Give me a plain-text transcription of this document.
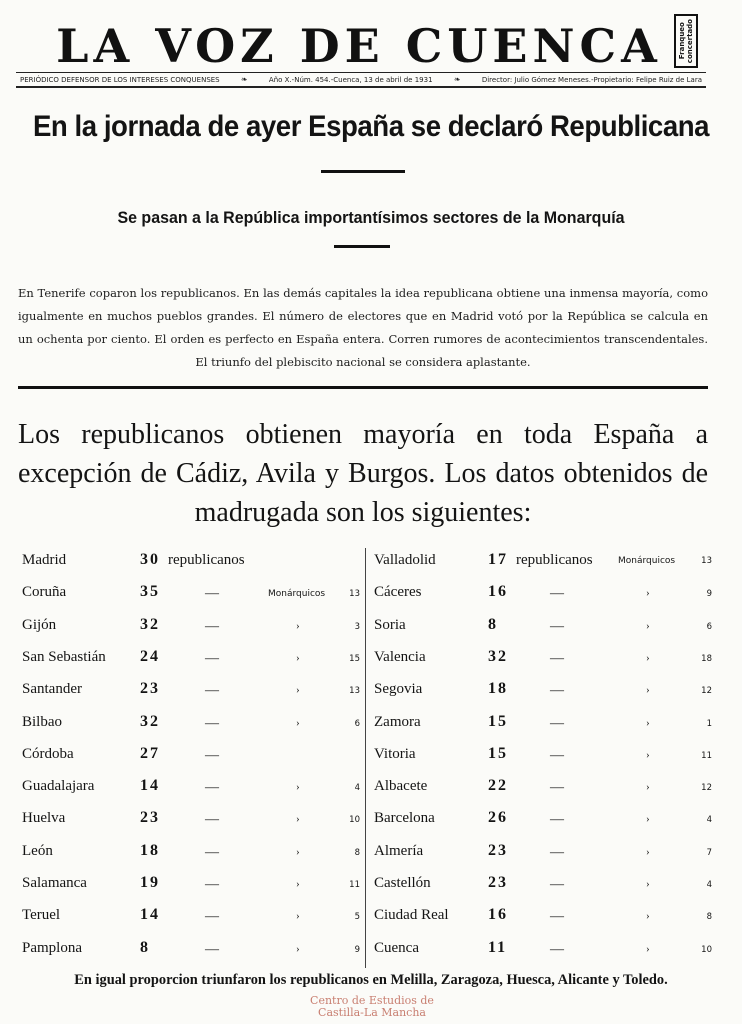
LA VOZ DE CUENCA	Franqueo
concertado
PERIÓDICO DEFENSOR DE LOS INTERESES CONQUENSES	❧	Año X.-Núm. 454.-Cuenca, 13 de abril de 1931	❧	Director: Julio Gómez Meneses.-Propietario: Felipe Ruiz de Lara
En la jornada de ayer España se declaró Republicana
Se pasan a la República importantísimos sectores de la Monarquía
En Tenerife coparon los republicanos. En las demás capitales la idea republicana obtiene una inmensa mayoría, como igualmente en muchos pueblos grandes. El número de electores que en Madrid votó por la República se calcula en un ochenta por ciento. El orden es perfecto en España entera. Corren rumores de acontecimientos transcendentales. El triunfo del plebiscito nacional se considera aplastante.
Los republicanos obtienen mayoría en toda España a excepción de Cádiz, Avila y Burgos. Los datos obtenidos de madrugada son los siguientes:
Madrid	30 republicanos
Coruña	35	—	Monárquicos	13
Gijón	32	—	›	3
San Sebastián 24	—	›	15
Santander	23	—	›	13
Bilbao	32	—	›	6
Córdoba	27	—
Guadalajara	14	—	›	4
Huelva	23	—	›	10
León	18	—	›	8
Salamanca	19	—	›	11
Teruel	14	—	›	5
Pamplona	8	—	›	9
Valladolid	17 republicanos	Monárquicos	13
Cáceres	16	—	›	9
Soria	8	—	›	6
Valencia	32	—	›	18
Segovia	18	—	›	12
Zamora	15	—	›	1
Vitoria	15	—	›	11
Albacete	22	—	›	12
Barcelona	26	—	›	4
Almería	23	—	›	7
Castellón	23	—	›	4
Ciudad Real 16	—	›	8
Cuenca	11	—	›	10
En igual proporcion triunfaron los republicanos en Melilla, Zaragoza, Huesca, Alicante y Toledo.
Centro de Estudios de Castilla-La Mancha
